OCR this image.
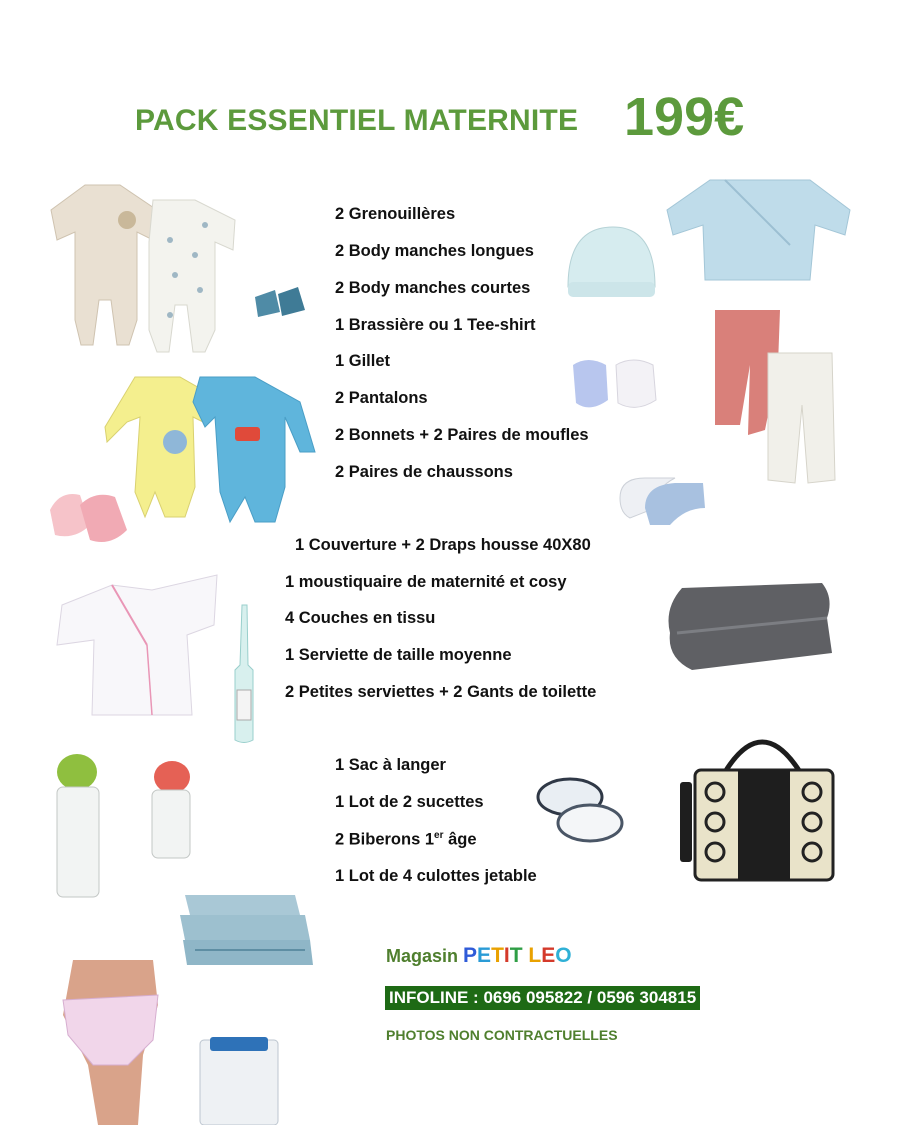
PACK ESSENTIEL MATERNITE 199€
2 Grenouillères
2 Body manches longues
2 Body manches courtes
1 Brassière ou 1 Tee-shirt
1 Gillet
2 Pantalons
2 Bonnets + 2 Paires de moufles
2 Paires de chaussons
1 Couverture + 2 Draps housse 40X80
1 moustiquaire de maternité et cosy
4 Couches en tissu
1 Serviette de taille moyenne
2 Petites serviettes + 2 Gants de toilette
1 Sac à langer
1 Lot de 2 sucettes
2 Biberons 1er âge
1 Lot de 4 culottes jetable
Magasin PETIT LEO
INFOLINE : 0696 095822 / 0596 304815
PHOTOS NON CONTRACTUELLES
